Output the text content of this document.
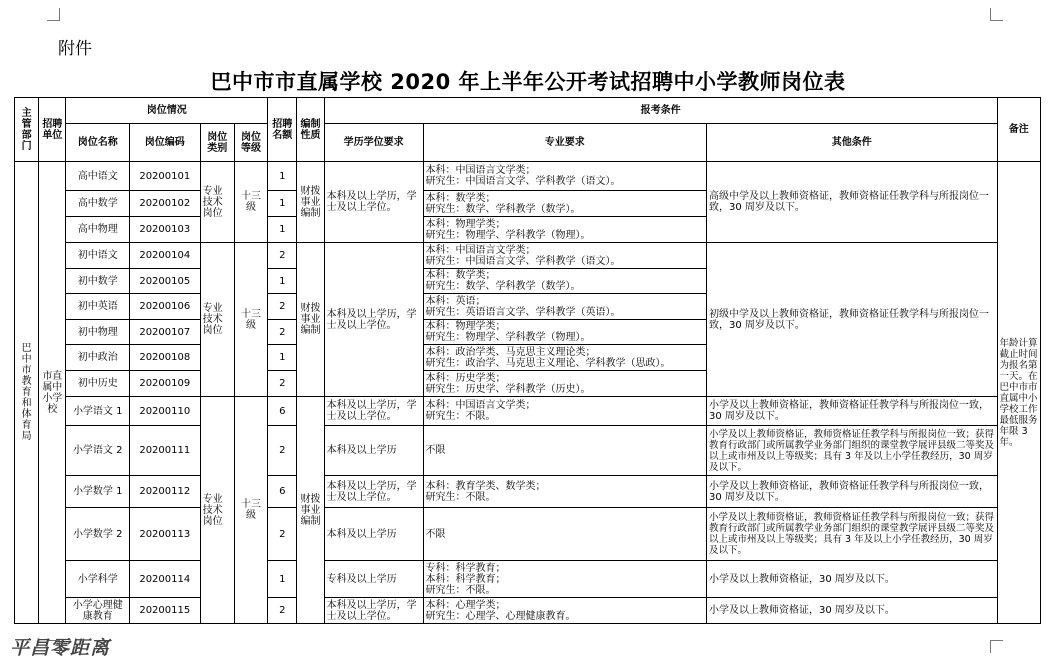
附件
巴中市市直属学校 2020 年上半年公开考试招聘中小学教师岗位表
主管部门	招聘单位	岗位情况				招聘名额	编制性质	报考条件			备注
		岗位名称	岗位编码	岗位类别	岗位等级			学历学位要求	专业要求	其他条件	
巴中市教育和体育局	市直属中小学校	高中语文	20200101	专业技术岗位	十三级	1	财拨事业编制	本科及以上学历，学士及以上学位。	本科：中国语言文学类；
研究生：中国语言文学、学科教学（语文）。	高级中学及以上教师资格证，教师资格证任教学科与所报岗位一致，30 周岁及以下。	年龄计算截止时间为报名第一天。在巴中市市直属中小学校工作最低服务年限 3 年。
		高中数学	20200102			1			本科：数学类；
研究生：数学、学科教学（数学）。		
		高中物理	20200103			1			本科：物理学类；
研究生：物理学、学科教学（物理）。		
		初中语文	20200104	专业技术岗位	十三级	2	财拨事业编制	本科及以上学历，学士及以上学位。	本科：中国语言文学类；
研究生：中国语言文学、学科教学（语文）。	初级中学及以上教师资格证，教师资格证任教学科与所报岗位一致，30 周岁及以下。	
		初中数学	20200105			1			本科：数学类；
研究生：数学、学科教学（数学）。		
		初中英语	20200106			2			本科：英语；
研究生：英语语言文学、学科教学（英语）。		
		初中物理	20200107			2			本科：物理学类；
研究生：物理学、学科教学（物理）。		
		初中政治	20200108			1			本科：政治学类、马克思主义理论类；
研究生：政治学、马克思主义理论、学科教学（思政）。		
		初中历史	20200109			2			本科：历史学类；
研究生：历史学、学科教学（历史）。		
		小学语文 1	20200110	专业技术岗位	十三级	6	财拨事业编制	本科及以上学历，学士及以上学位。	本科：中国语言文学类；
研究生：不限。	小学及以上教师资格证，教师资格证任教学科与所报岗位一致，30 周岁及以下。	
		小学语文 2	20200111			2		本科及以上学历	不限	小学及以上教师资格证，教师资格证任教学科与所报岗位一致；获得教育行政部门或所属教学业务部门组织的课堂教学展评县级二等奖及以上或市州及以上等级奖；具有 3 年及以上小学任教经历，30 周岁及以下。	
		小学数学 1	20200112			6		本科及以上学历，学士及以上学位。	本科：教育学类、数学类；
研究生：不限。	小学及以上教师资格证，教师资格证任教学科与所报岗位一致，30 周岁及以下。	
		小学数学 2	20200113			2		本科及以上学历	不限	小学及以上教师资格证，教师资格证任教学科与所报岗位一致；获得教育行政部门或所属教学业务部门组织的课堂教学展评县级二等奖及以上或市州及以上等级奖；具有 3 年及以上小学任教经历，30 周岁及以下。	
		小学科学	20200114			1		专科及以上学历	专科：科学教育；
本科：科学教育；
研究生：不限。	小学及以上教师资格证，30 周岁及以下。	
		小学心理健康教育	20200115			2		本科及以上学历，学士及以上学位。	本科：心理学类；
研究生：心理学、心理健康教育。	小学及以上教师资格证，30 周岁及以下。	
平昌零距离
